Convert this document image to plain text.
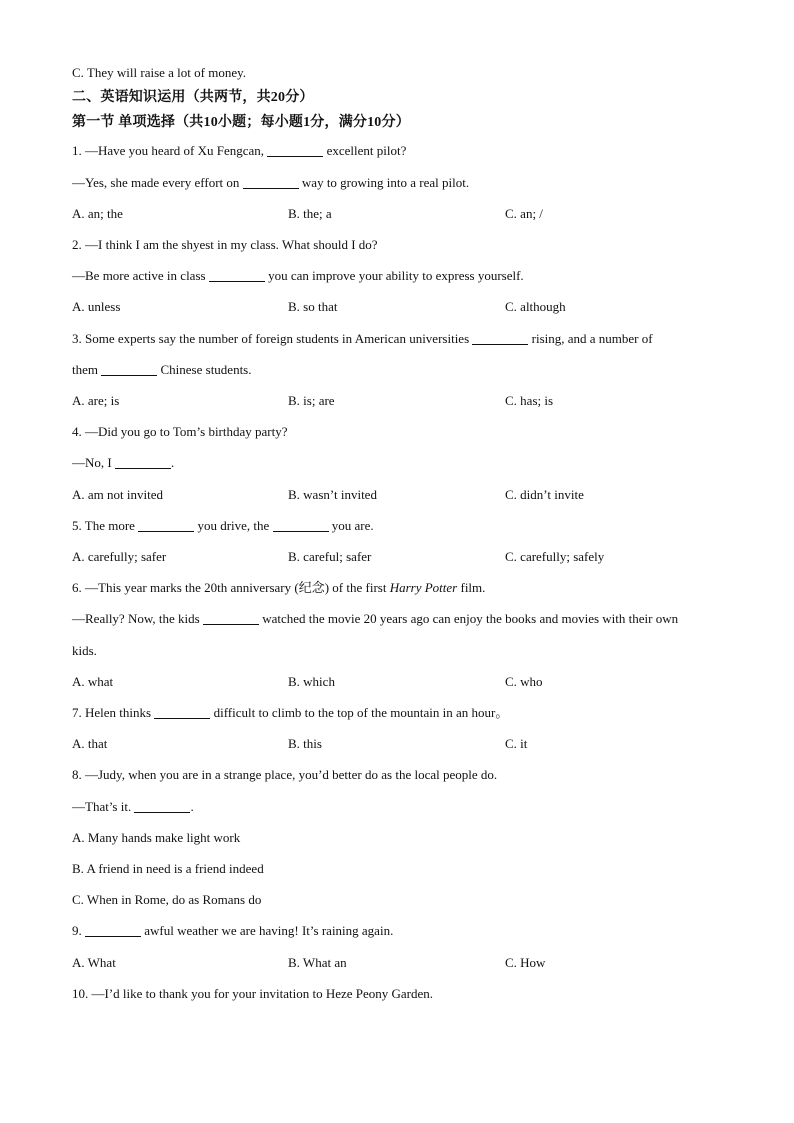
C. They will raise a lot of money.
二、英语知识运用（共两节，共20分）
第一节 单项选择（共10小题；每小题1分，满分10分）
1. —Have you heard of Xu Fengcan,	excellent pilot?
—Yes, she made every effort on	way to growing into a real pilot.
A. an; the	B. the; a	C. an; /
2. —I think I am the shyest in my class. What should I do?
—Be more active in class	you can improve your ability to express yourself.
A. unless	B. so that	C. although
3. Some experts say the number of foreign students in American universities	rising, and a number of
them	Chinese students.
A. are; is	B. is; are	C. has; is
4. —Did you go to Tom’s birthday party?
—No, I	.
A. am not invited	B. wasn’t invited	C. didn’t invite
5. The more	you drive, the	you are.
A. carefully; safer	B. careful; safer	C. carefully; safely
6. —This year marks the 20th anniversary (纪念) of the first Harry Potter film.
—Really? Now, the kids	watched the movie 20 years ago can enjoy the books and movies with their own
kids.
A. what	B. which	C. who
7. Helen thinks	difficult to climb to the top of the mountain in an hour。
A. that	B. this	C. it
8. —Judy, when you are in a strange place, you’d better do as the local people do.
—That’s it.	.
A. Many hands make light work
B. A friend in need is a friend indeed
C. When in Rome, do as Romans do
9.	awful weather we are having! It’s raining again.
A. What	B. What an	C. How
10. —I’d like to thank you for your invitation to Heze Peony Garden.
